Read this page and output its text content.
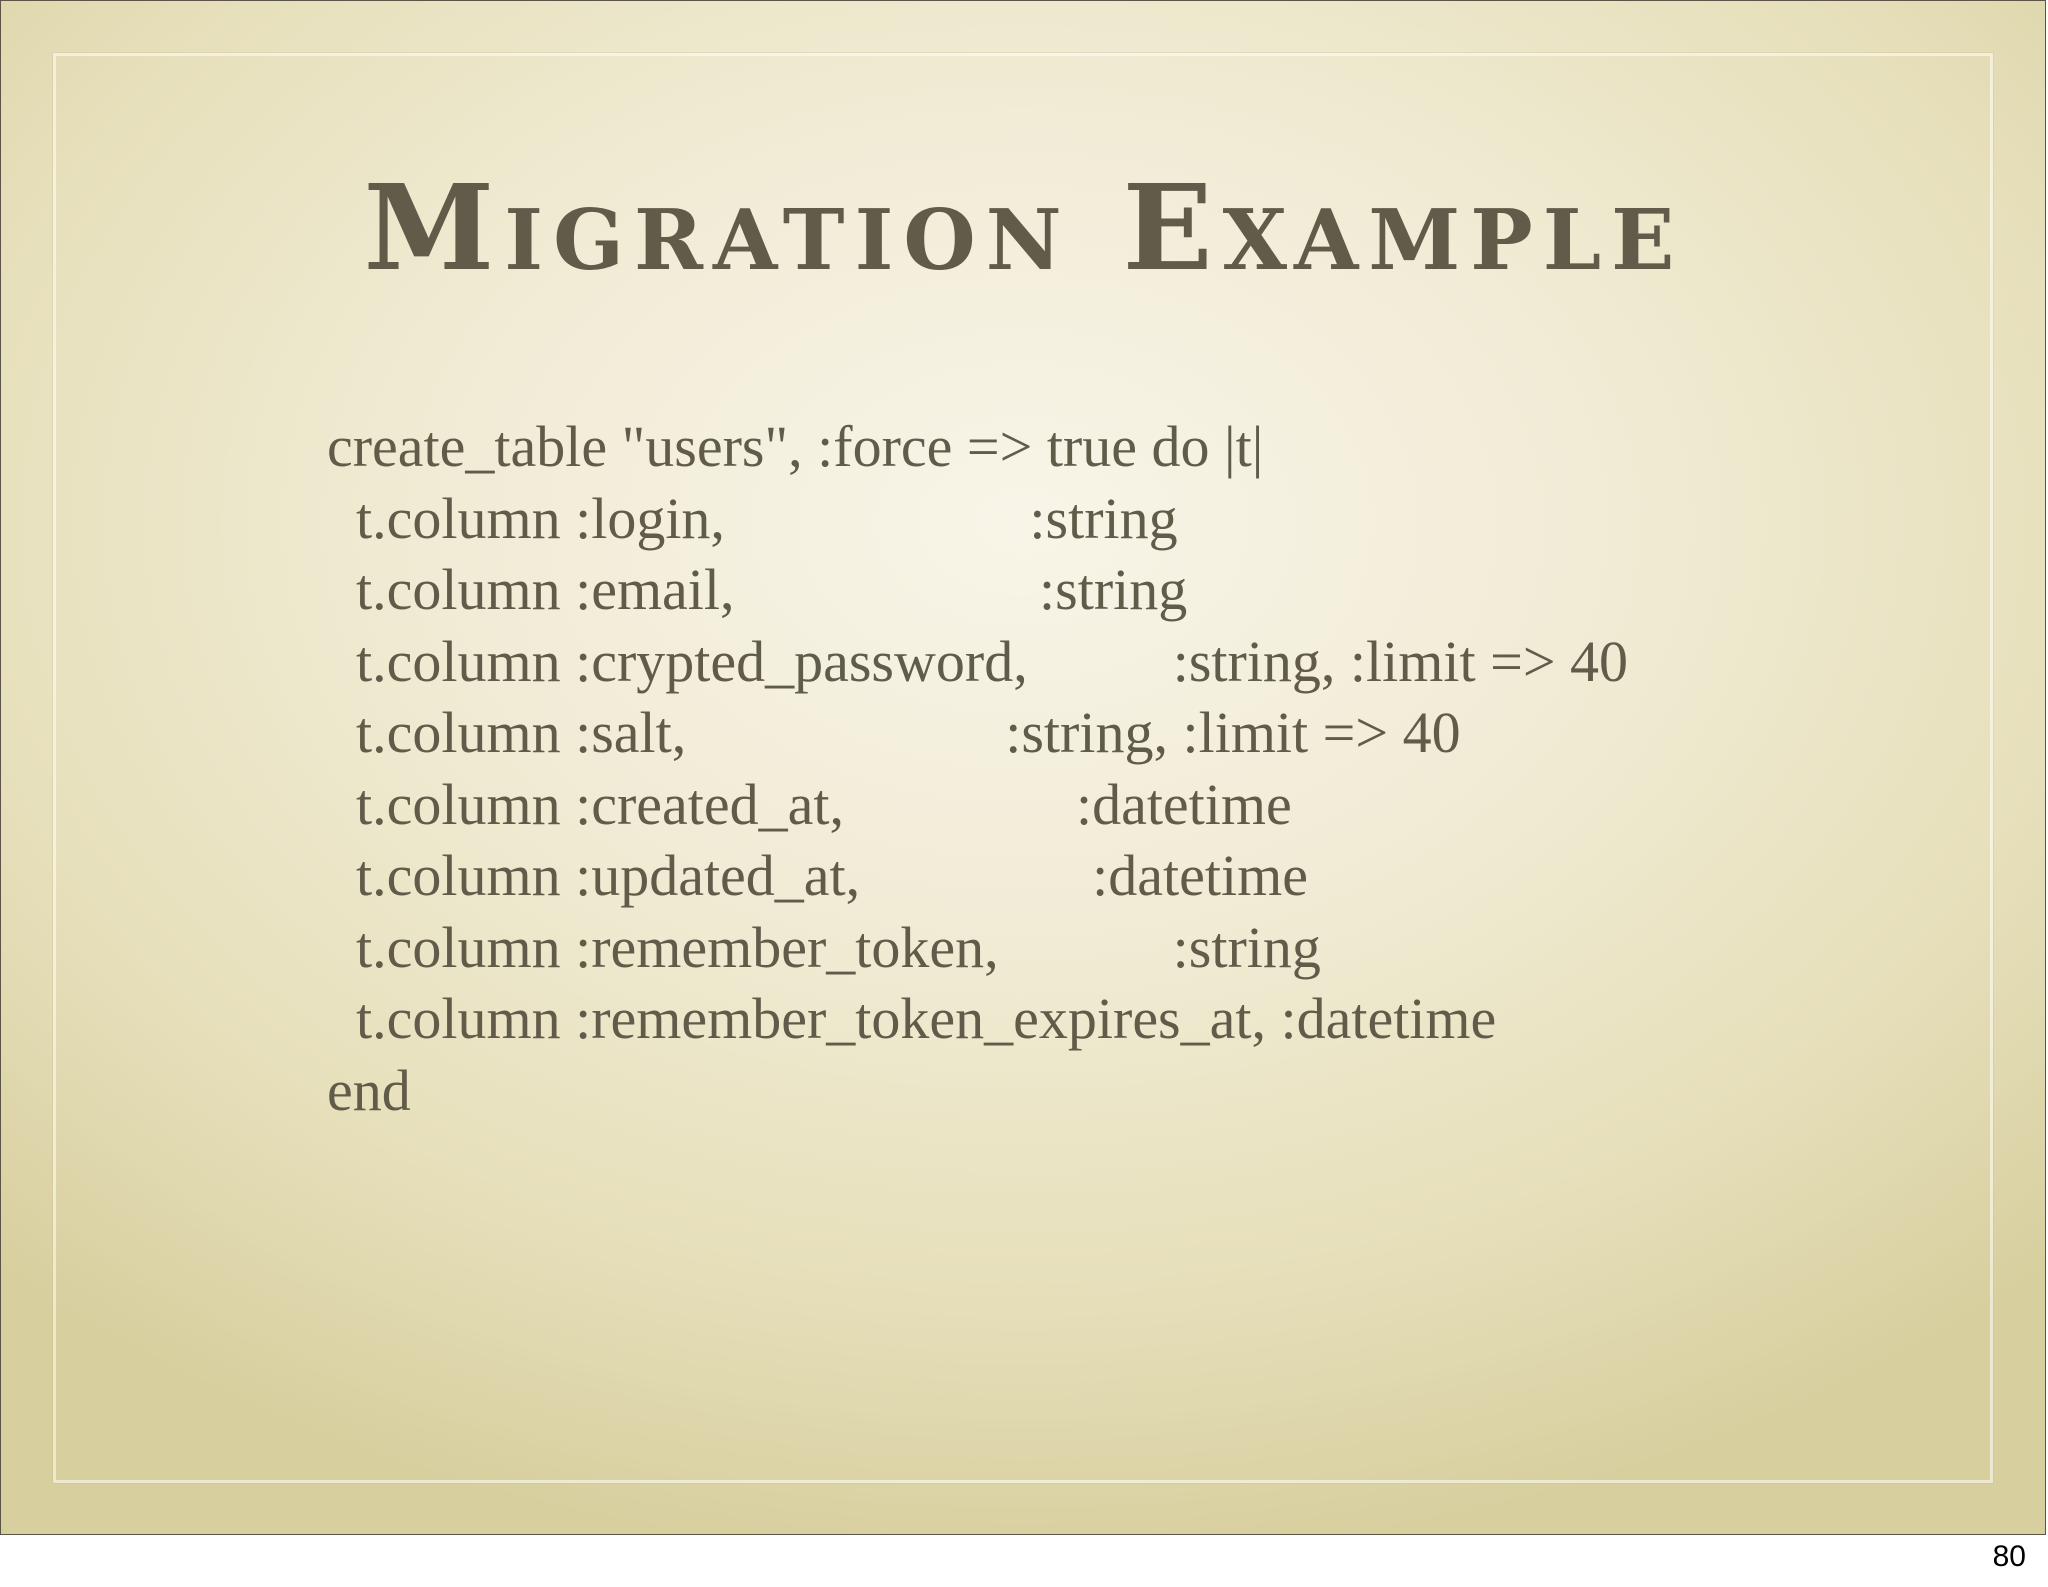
Migration Example
create_table "users", :force => true do |t|
t.column :login,                     :string
t.column :email,                     :string
t.column :crypted_password,          :string, :limit => 40
t.column :salt,                      :string, :limit => 40
t.column :created_at,                :datetime
t.column :updated_at,                :datetime
t.column :remember_token,            :string
t.column :remember_token_expires_at, :datetime
end
80
